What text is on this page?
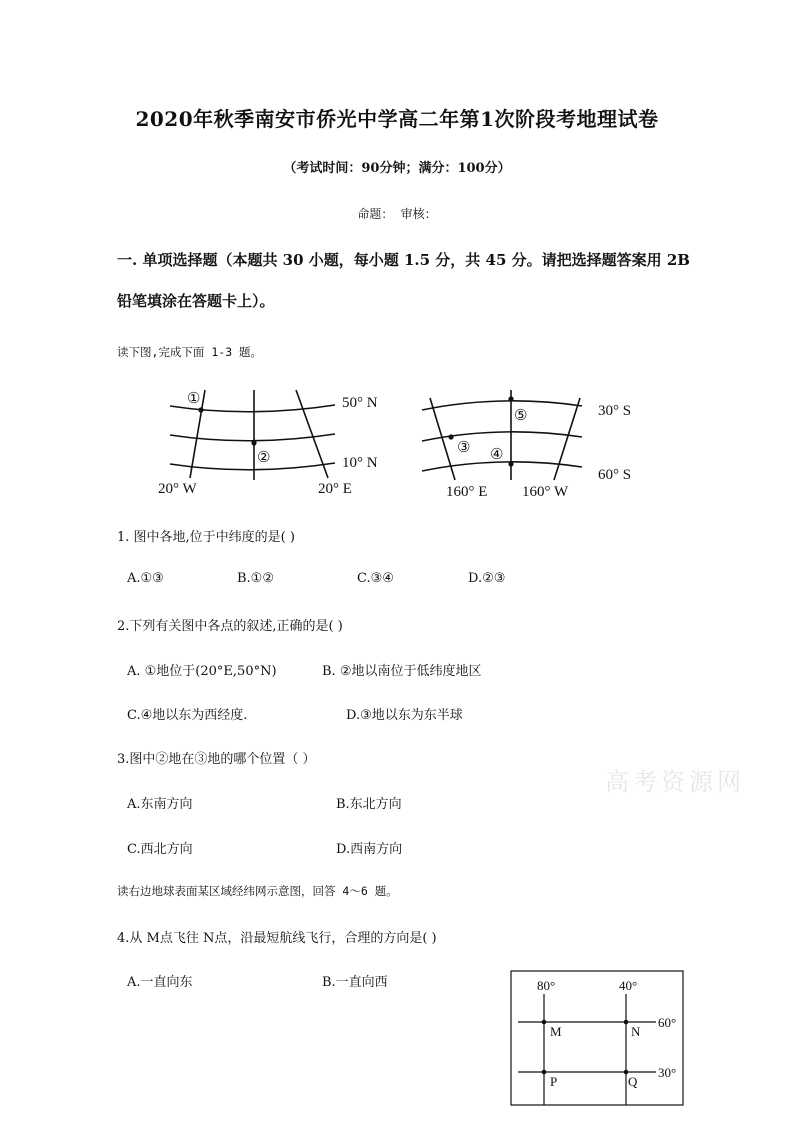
2020年秋季南安市侨光中学高二年第1次阶段考地理试卷
（考试时间：90分钟；满分：100分）
命题： 审核：
一. 单项选择题（本题共 30 小题，每小题 1.5 分，共 45 分。请把选择题答案用 2B
铅笔填涂在答题卡上）。
读下图,完成下面 1-3 题。
①
②
③ ④
⑤
50° N
10° N
20° W	20° E
30° S
60° S
160° E 160° W
1. 图中各地,位于中纬度的是( )
A.①③	B.①②	C.③④	D.②③
2.下列有关图中各点的叙述,正确的是( )
A. ①地位于(20°E,50°N)	B. ②地以南位于低纬度地区
C.④地以东为西经度.	D.③地以东为东半球
3.图中②地在③地的哪个位置（ ）
A.东南方向	B.东北方向
C.西北方向	D.西南方向
高考资源网
读右边地球表面某区域经纬网示意图，回答 4～6 题。
4.从 M点飞往 N点，沿最短航线飞行，合理的方向是( )
A.一直向东	B.一直向西	80°	40°
60°
30°
M	N
P	Q
